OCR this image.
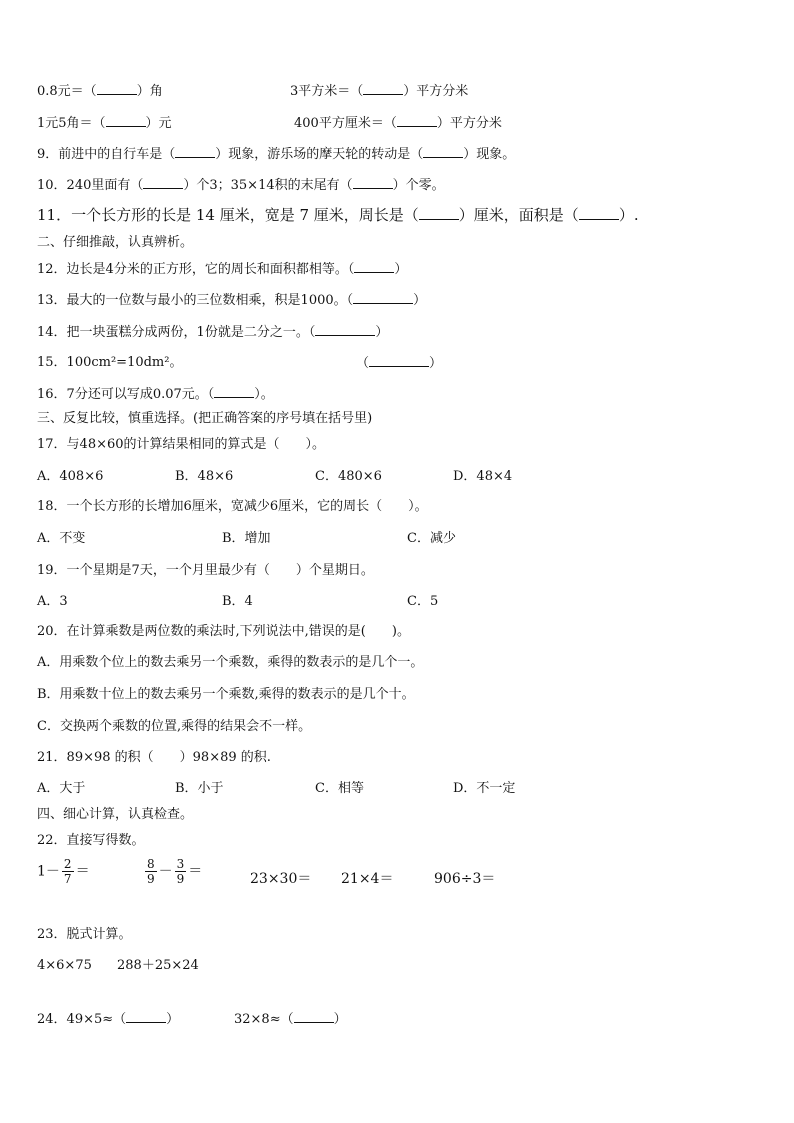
0.8元＝（	）角	3平方米＝（	）平方分米
1元5角＝（	）元	400平方厘米＝（	）平方分米
9．前进中的自行车是（	）现象，游乐场的摩天轮的转动是（	）现象。
10．240里面有（	）个3；35×14积的末尾有（	）个零。
11．一个长方形的长是 14 厘米，宽是 7 厘米，周长是（	）厘米，面积是（	）.
二、仔细推敲，认真辨析。
12．边长是4分米的正方形，它的周长和面积都相等。（	）
13．最大的一位数与最小的三位数相乘，积是1000。（	）
14．把一块蛋糕分成两份，1份就是二分之一。（	）
15．100cm²=10dm²。	（	）
16．7分还可以写成0.07元。（	）。
三、反复比较，慎重选择。(把正确答案的序号填在括号里)
17．与48×60的计算结果相同的算式是（　　）。
A．408×6	B．48×6	C．480×6	D．48×4
18．一个长方形的长增加6厘米，宽减少6厘米，它的周长（　　）。
A．不变	B．增加	C．减少
19．一个星期是7天，一个月里最少有（　　）个星期日。
A．3	B．4	C．5
20．在计算乘数是两位数的乘法时,下列说法中,错误的是(　　)。
A．用乘数个位上的数去乘另一个乘数，乘得的数表示的是几个一。
B．用乘数十位上的数去乘另一个乘数,乘得的数表示的是几个十。
C．交换两个乘数的位置,乘得的结果会不一样。
21．89×98 的积（　　）98×89 的积.
A．大于	B．小于	C．相等	D．不一定
四、细心计算，认真检查。
22．直接写得数。
$1- \frac{2}{7}$ ＝	$\frac{8}{9} - \frac{3}{9}$ ＝	23×30＝ 21×4＝	906÷3＝
23．脱式计算。
4×6×75 288＋25×24
24．49×5≈（	）	32×8≈（	）
